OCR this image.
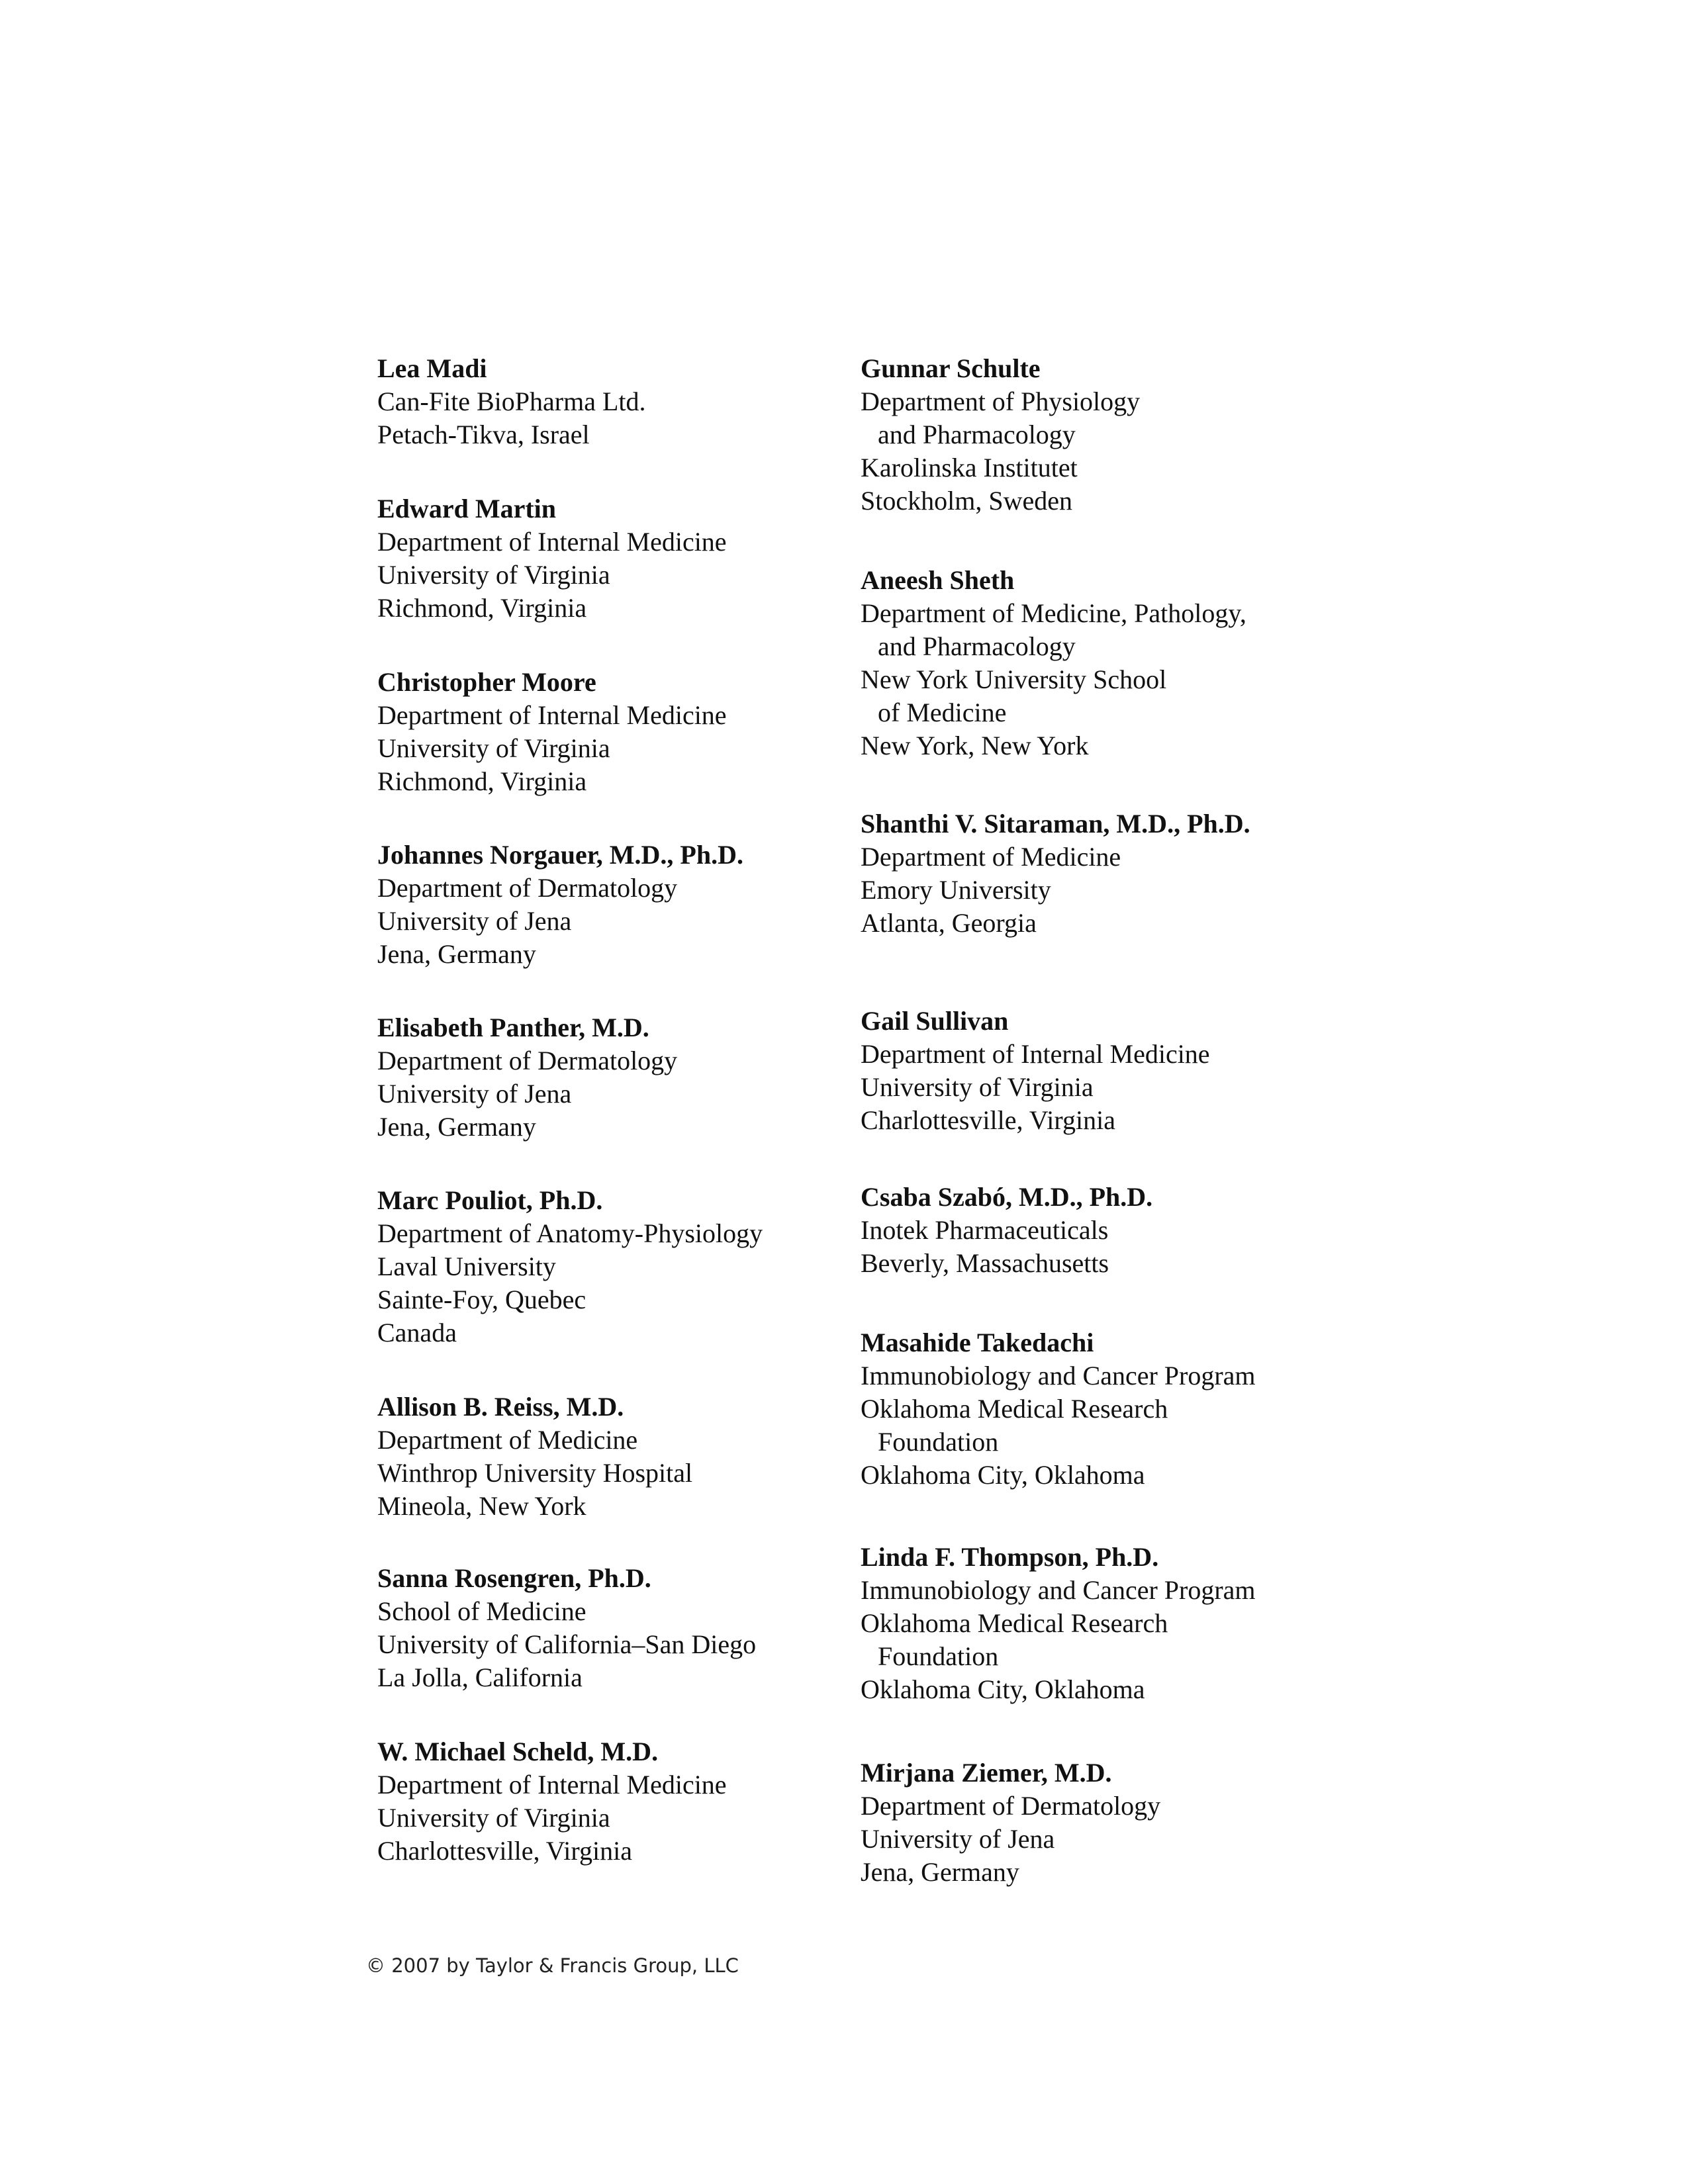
Lea Madi
Can-Fite BioPharma Ltd.
Petach-Tikva, Israel
Edward Martin
Department of Internal Medicine
University of Virginia
Richmond, Virginia
Christopher Moore
Department of Internal Medicine
University of Virginia
Richmond, Virginia
Johannes Norgauer, M.D., Ph.D.
Department of Dermatology
University of Jena
Jena, Germany
Elisabeth Panther, M.D.
Department of Dermatology
University of Jena
Jena, Germany
Marc Pouliot, Ph.D.
Department of Anatomy-Physiology
Laval University
Sainte-Foy, Quebec
Canada
Allison B. Reiss, M.D.
Department of Medicine
Winthrop University Hospital
Mineola, New York
Sanna Rosengren, Ph.D.
School of Medicine
University of California–San Diego
La Jolla, California
W. Michael Scheld, M.D.
Department of Internal Medicine
University of Virginia
Charlottesville, Virginia
Gunnar Schulte
Department of Physiology
and Pharmacology
Karolinska Institutet
Stockholm, Sweden
Aneesh Sheth
Department of Medicine, Pathology,
and Pharmacology
New York University School
of Medicine
New York, New York
Shanthi V. Sitaraman, M.D., Ph.D.
Department of Medicine
Emory University
Atlanta, Georgia
Gail Sullivan
Department of Internal Medicine
University of Virginia
Charlottesville, Virginia
Csaba Szabó, M.D., Ph.D.
Inotek Pharmaceuticals
Beverly, Massachusetts
Masahide Takedachi
Immunobiology and Cancer Program
Oklahoma Medical Research
Foundation
Oklahoma City, Oklahoma
Linda F. Thompson, Ph.D.
Immunobiology and Cancer Program
Oklahoma Medical Research
Foundation
Oklahoma City, Oklahoma
Mirjana Ziemer, M.D.
Department of Dermatology
University of Jena
Jena, Germany
© 2007 by Taylor & Francis Group, LLC
